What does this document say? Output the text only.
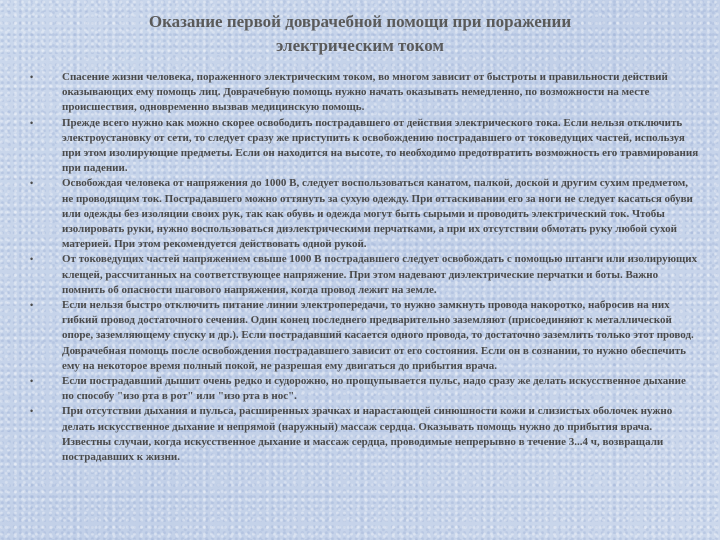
Оказание первой доврачебной помощи при поражении
электрическим током
•	Спасение жизни человека, пораженного электрическим током, во многом зависит от быстроты и правильности действий оказывающих ему помощь лиц. Доврачебную помощь нужно начать оказывать немедленно, по возможности на месте происшествия, одновременно вызвав медицинскую помощь.
•	Прежде всего нужно как можно скорее освободить пострадавшего от действия электрического тока. Если нельзя отключить электроустановку от сети, то следует сразу же приступить к освобождению пострадавшего от токоведущих частей, используя при этом изолирующие предметы. Если он находится на высоте, то необходимо предотвратить возможность его травмирования при падении.
•	Освобождая человека от напряжения до 1000 В, следует воспользоваться канатом, палкой, доской и другим сухим предметом, не проводящим ток. Пострадавшего можно оттянуть за сухую одежду. При оттаскивании его за ноги не следует касаться обуви или одежды без изоляции своих рук, так как обувь и одежда могут быть сырыми и проводить электрический ток. Чтобы изолировать руки, нужно воспользоваться диэлектрическими перчатками, а при их отсутствии обмотать руку любой сухой материей. При этом рекомендуется действовать одной рукой.
•	От токоведущих частей напряжением свыше 1000 В пострадавшего следует освобождать с помощью штанги или изолирующих клещей, рассчитанных на соответствующее напряжение. При этом надевают диэлектрические перчатки и боты. Важно помнить об опасности шагового напряжения, когда провод лежит на земле.
•	Если нельзя быстро отключить питание линии электропередачи, то нужно замкнуть провода накоротко, набросив на них гибкий провод достаточного сечения. Один конец последнего предварительно заземляют (присоединяют к металлической опоре, заземляющему спуску и др.). Если пострадавший касается одного провода, то достаточно заземлить только этот провод. Доврачебная помощь после освобождения пострадавшего зависит от его состояния. Если он в сознании, то нужно обеспечить ему на некоторое время полный покой, не разрешая ему двигаться до прибытия врача.
•	Если пострадавший дышит очень редко и судорожно, но прощупывается пульс, надо сразу же делать искусственное дыхание по способу "изо рта в рот" или "изо рта в нос".
•	При отсутствии дыхания и пульса, расширенных зрачках и нарастающей синюшности кожи и слизистых оболочек нужно делать искусственное дыхание и непрямой (наружный) массаж сердца. Оказывать помощь нужно до прибытия врача. Известны случаи, когда искусственное дыхание и массаж сердца, проводимые непрерывно в течение 3...4 ч, возвращали пострадавших к жизни.
